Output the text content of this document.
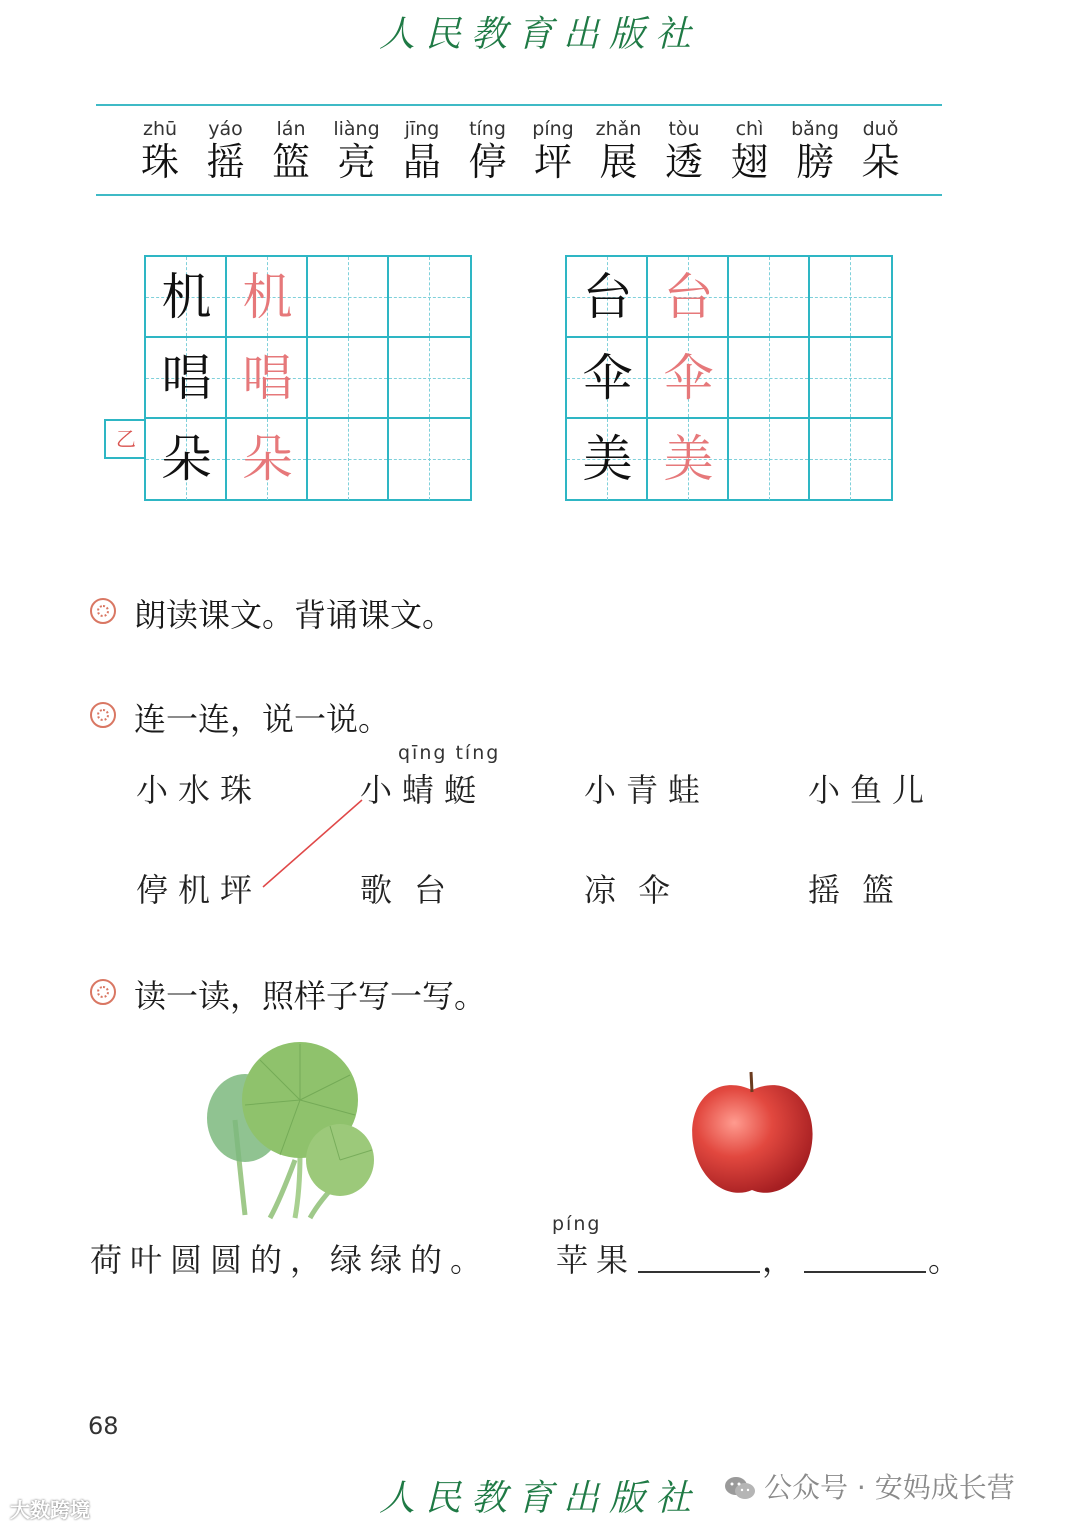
人民教育出版社
zhū
珠
yáo
摇
lán
篮
liàng
亮
jīng
晶
tíng
停
píng
坪
zhǎn
展
tòu
透
chì
翅
bǎng
膀
duǒ
朵
机 机
唱 唱
朵 朵
乙
台 台
伞 伞
美 美
朗读课文。背诵课文。
连一连，说一说。
qīng tíng
小水珠	小蜻蜓	小青蛙	小鱼儿
停机坪	歌台	凉伞	摇篮
读一读，照样子写一写。
荷叶圆圆的，绿绿的。
píng
苹果	，	。
68
人民教育出版社	公众号 · 安妈成长营
大数跨境
